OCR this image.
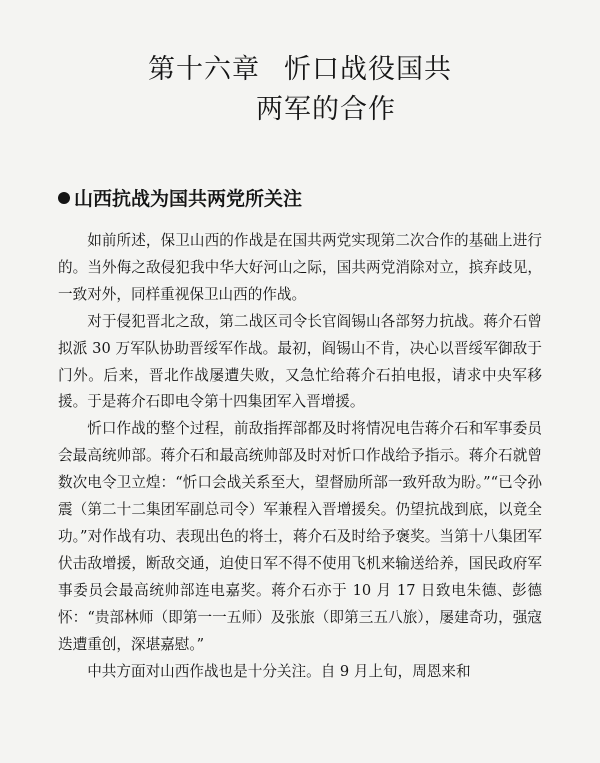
第十六章 忻口战役国共
两军的合作
山西抗战为国共两党所关注

如前所述，保卫山西的作战是在国共两党实现第二次合作的基础上进行的。当外侮之敌侵犯我中华大好河山之际，国共两党消除对立，摈弃歧见，一致对外，同样重视保卫山西的作战。

对于侵犯晋北之敌，第二战区司令长官阎锡山各部努力抗战。蒋介石曾拟派 30 万军队协助晋绥军作战。最初，阎锡山不肯，决心以晋绥军御敌于门外。后来，晋北作战屡遭失败，又急忙给蒋介石拍电报，请求中央军移援。于是蒋介石即电令第十四集团军入晋增援。

忻口作战的整个过程，前敌指挥部都及时将情况电告蒋介石和军事委员会最高统帅部。蒋介石和最高统帅部及时对忻口作战给予指示。蒋介石就曾数次电令卫立煌：“忻口会战关系至大，望督励所部一致歼敌为盼。”“已令孙震（第二十二集团军副总司令）军兼程入晋增援矣。仍望抗战到底，以竟全功。”对作战有功、表现出色的将士，蒋介石及时给予褒奖。当第十八集团军伏击敌增援，断敌交通，迫使日军不得不使用飞机来输送给养，国民政府军事委员会最高统帅部连电嘉奖。蒋介石亦于 10 月 17 日致电朱德、彭德怀：“贵部林师（即第一一五师）及张旅（即第三五八旅），屡建奇功，强寇迭遭重创，深堪嘉慰。”

中共方面对山西作战也是十分关注。自 9 月上旬，周恩来和
